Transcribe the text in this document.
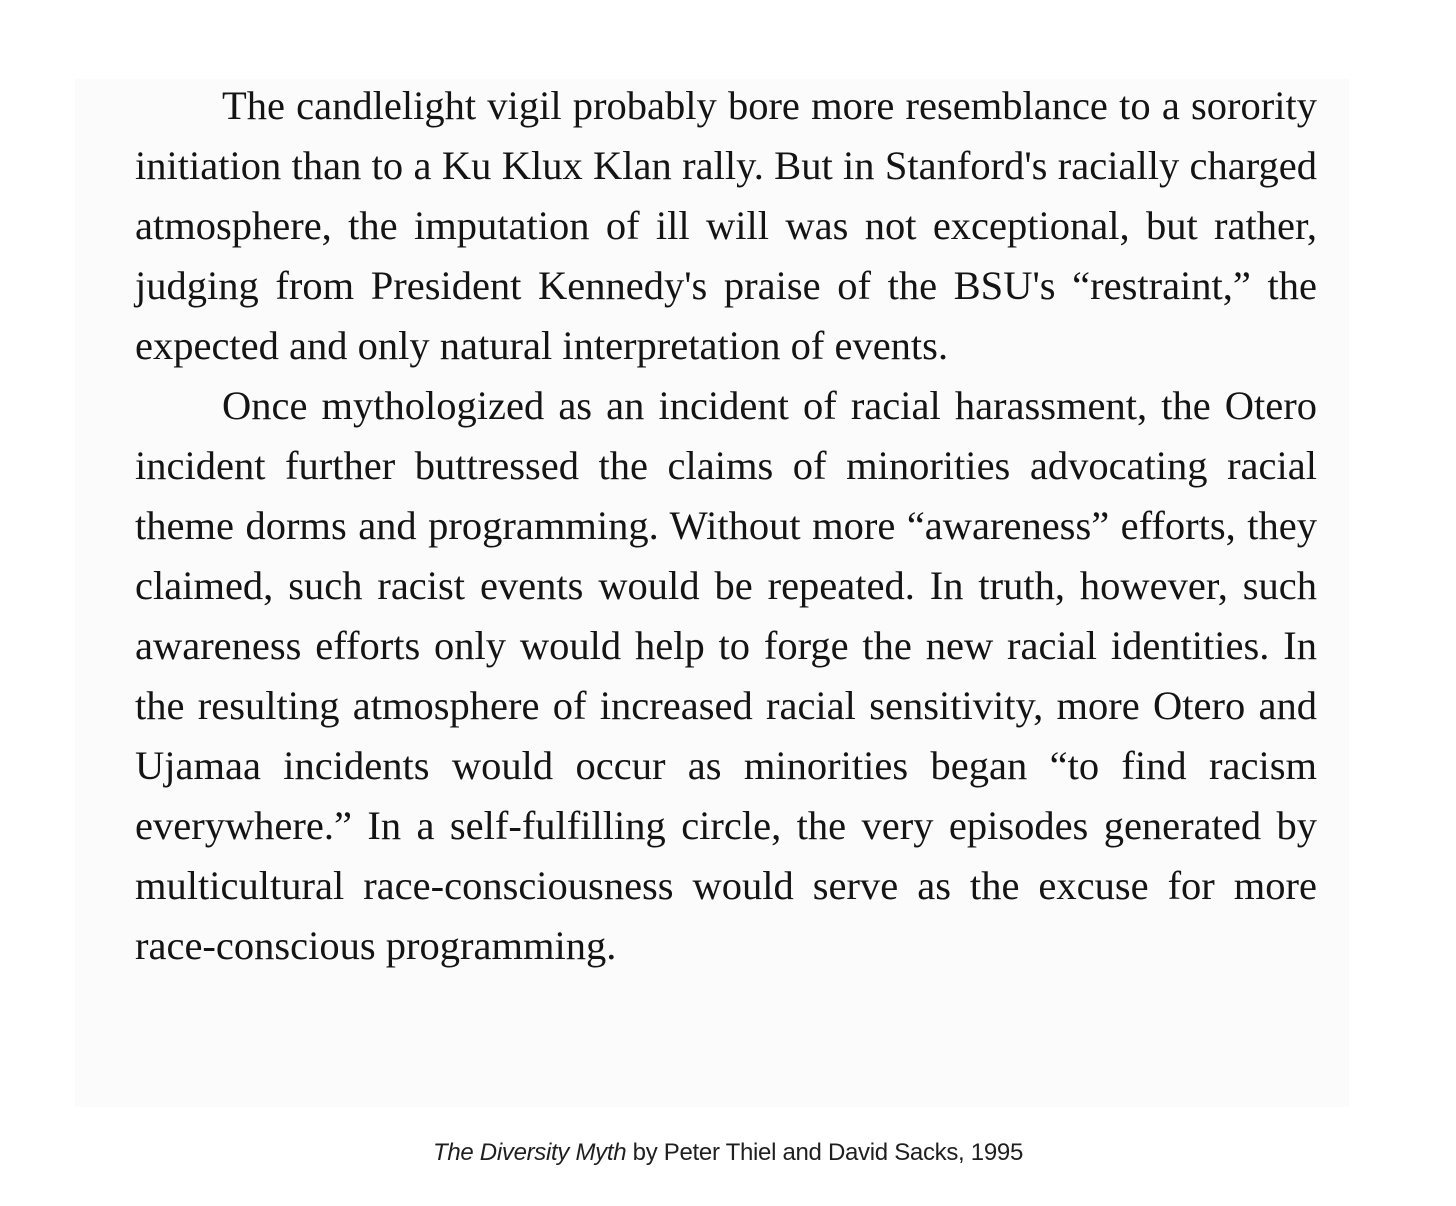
The candlelight vigil probably bore more resemblance to a sorority initiation than to a Ku Klux Klan rally. But in Stanford's racially charged atmosphere, the imputation of ill will was not exceptional, but rather, judging from President Kennedy's praise of the BSU's “restraint,” the expected and only natural interpretation of events.

Once mythologized as an incident of racial harassment, the Otero incident further buttressed the claims of minorities advocating racial theme dorms and programming. Without more “awareness” efforts, they claimed, such racist events would be repeated. In truth, however, such awareness efforts only would help to forge the new racial identities. In the resulting atmosphere of increased racial sensitivity, more Otero and Ujamaa incidents would occur as minorities began “to find racism everywhere.” In a self-fulfilling circle, the very episodes generated by multicultural race-consciousness would serve as the excuse for more race-conscious programming.

The Diversity Myth by Peter Thiel and David Sacks, 1995
